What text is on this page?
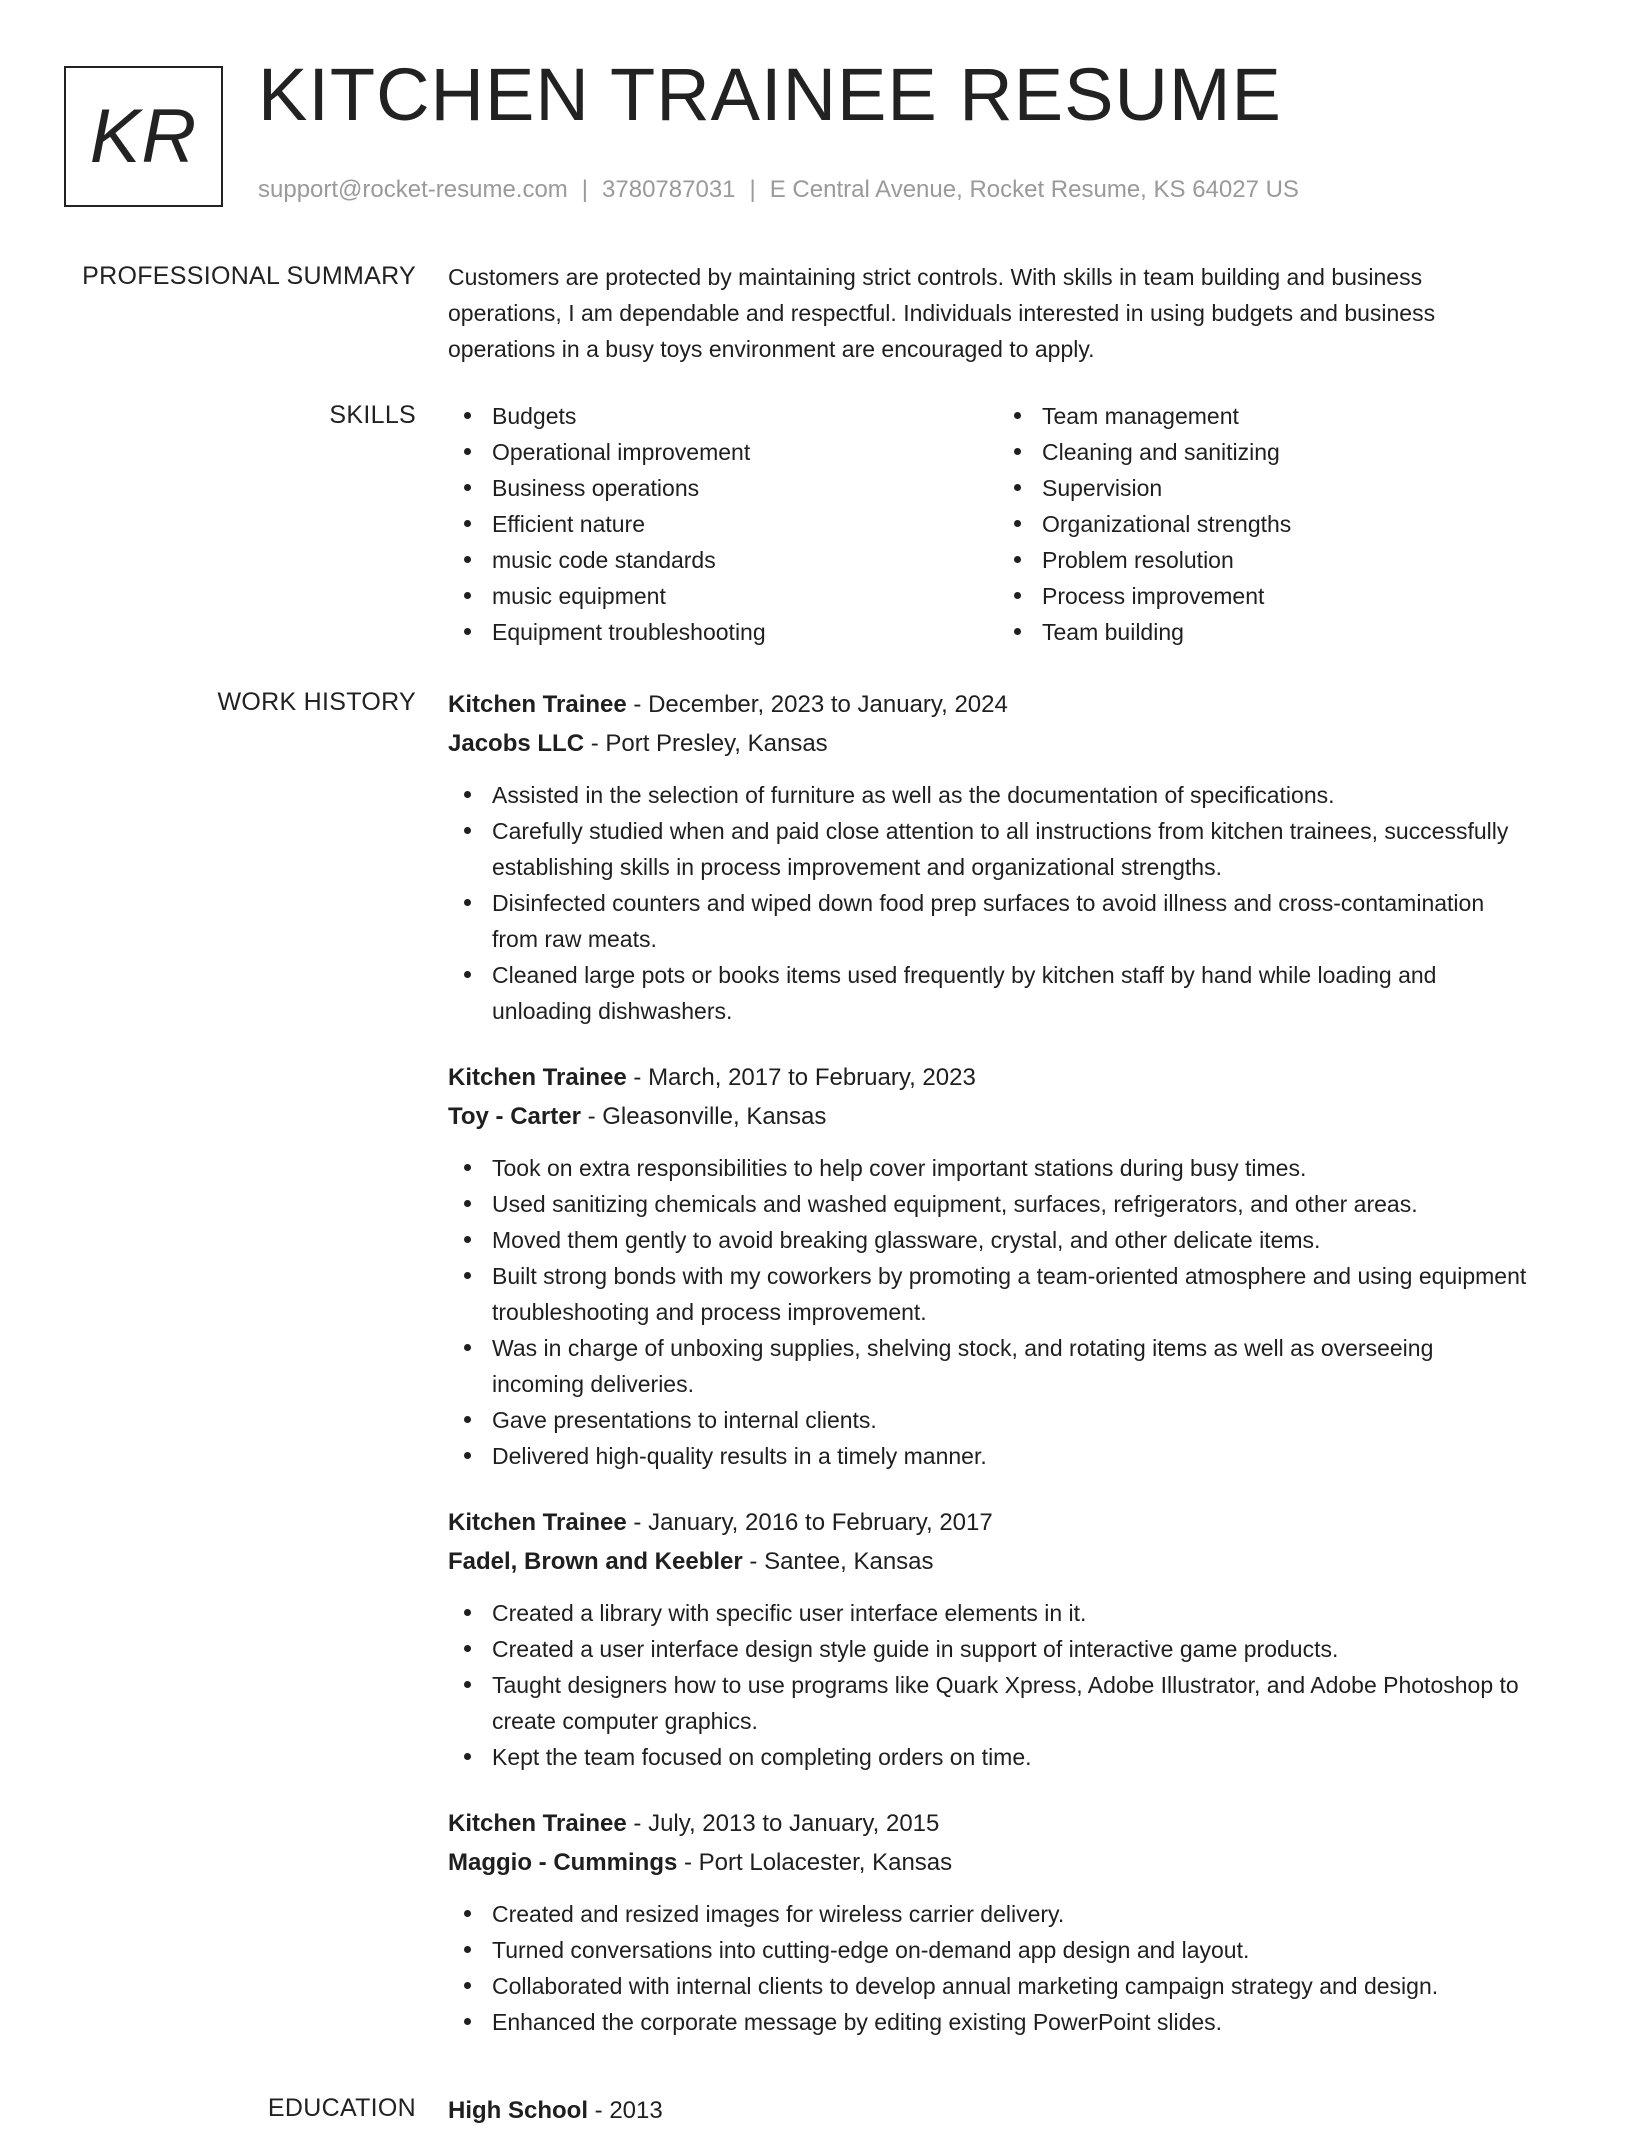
KR KITCHEN TRAINEE RESUME
support@rocket-resume.com | 3780787031 | E Central Avenue, Rocket Resume, KS 64027 US
PROFESSIONAL SUMMARY Customers are protected by maintaining strict controls. With skills in team building and business operations, I am dependable and respectful. Individuals interested in using budgets and business operations in a busy toys environment are encouraged to apply.

SKILLS	Budgets
Operational improvement
Business operations
Efficient nature
music code standards
music equipment
Equipment troubleshooting
Team management
Cleaning and sanitizing
Supervision
Organizational strengths
Problem resolution
Process improvement
Team building
WORK HISTORY Kitchen Trainee - December, 2023 to January, 2024
Jacobs LLC - Port Presley, Kansas
Assisted in the selection of furniture as well as the documentation of specifications.
Carefully studied when and paid close attention to all instructions from kitchen trainees, successfully establishing skills in process improvement and organizational strengths.
Disinfected counters and wiped down food prep surfaces to avoid illness and cross-contamination from raw meats.
Cleaned large pots or books items used frequently by kitchen staff by hand while loading and unloading dishwashers.
Kitchen Trainee - March, 2017 to February, 2023
Toy - Carter - Gleasonville, Kansas
Took on extra responsibilities to help cover important stations during busy times.
Used sanitizing chemicals and washed equipment, surfaces, refrigerators, and other areas.
Moved them gently to avoid breaking glassware, crystal, and other delicate items.
Built strong bonds with my coworkers by promoting a team-oriented atmosphere and using equipment troubleshooting and process improvement.
Was in charge of unboxing supplies, shelving stock, and rotating items as well as overseeing incoming deliveries.
Gave presentations to internal clients.
Delivered high-quality results in a timely manner.
Kitchen Trainee - January, 2016 to February, 2017
Fadel, Brown and Keebler - Santee, Kansas
Created a library with specific user interface elements in it.
Created a user interface design style guide in support of interactive game products.
Taught designers how to use programs like Quark Xpress, Adobe Illustrator, and Adobe Photoshop to create computer graphics.
Kept the team focused on completing orders on time.
Kitchen Trainee - July, 2013 to January, 2015
Maggio - Cummings - Port Lolacester, Kansas
Created and resized images for wireless carrier delivery.
Turned conversations into cutting-edge on-demand app design and layout.
Collaborated with internal clients to develop annual marketing campaign strategy and design.
Enhanced the corporate message by editing existing PowerPoint slides.
EDUCATION High School - 2013
